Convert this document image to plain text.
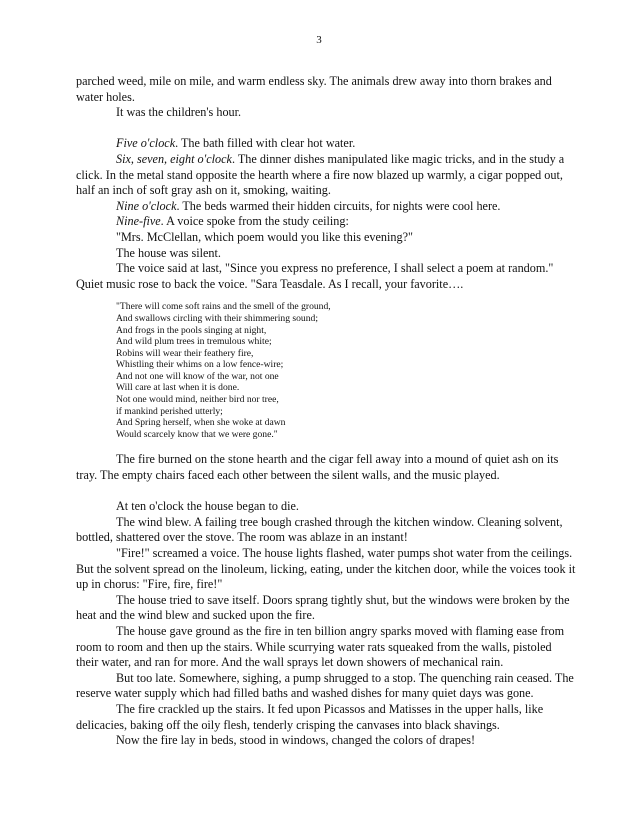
3

parched weed, mile on mile, and warm endless sky. The animals drew away into thorn brakes and water holes.

It was the children's hour.

Five o'clock. The bath filled with clear hot water.

Six, seven, eight o'clock. The dinner dishes manipulated like magic tricks, and in the study a click. In the metal stand opposite the hearth where a fire now blazed up warmly, a cigar popped out, half an inch of soft gray ash on it, smoking, waiting.

Nine o'clock. The beds warmed their hidden circuits, for nights were cool here.

Nine-five. A voice spoke from the study ceiling:

"Mrs. McClellan, which poem would you like this evening?"

The house was silent.

The voice said at last, "Since you express no preference, I shall select a poem at random." Quiet music rose to back the voice. "Sara Teasdale. As I recall, your favorite….

"There will come soft rains and the smell of the ground,
And swallows circling with their shimmering sound;
And frogs in the pools singing at night,
And wild plum trees in tremulous white;
Robins will wear their feathery fire,
Whistling their whims on a low fence-wire;
And not one will know of the war, not one
Will care at last when it is done.
Not one would mind, neither bird nor tree,
if mankind perished utterly;
And Spring herself, when she woke at dawn
Would scarcely know that we were gone."

The fire burned on the stone hearth and the cigar fell away into a mound of quiet ash on its tray. The empty chairs faced each other between the silent walls, and the music played.

At ten o'clock the house began to die.

The wind blew. A failing tree bough crashed through the kitchen window. Cleaning solvent, bottled, shattered over the stove. The room was ablaze in an instant!

"Fire!" screamed a voice. The house lights flashed, water pumps shot water from the ceilings. But the solvent spread on the linoleum, licking, eating, under the kitchen door, while the voices took it up in chorus: "Fire, fire, fire!"

The house tried to save itself. Doors sprang tightly shut, but the windows were broken by the heat and the wind blew and sucked upon the fire.

The house gave ground as the fire in ten billion angry sparks moved with flaming ease from room to room and then up the stairs. While scurrying water rats squeaked from the walls, pistoled their water, and ran for more. And the wall sprays let down showers of mechanical rain.

But too late. Somewhere, sighing, a pump shrugged to a stop. The quenching rain ceased. The reserve water supply which had filled baths and washed dishes for many quiet days was gone.

The fire crackled up the stairs. It fed upon Picassos and Matisses in the upper halls, like delicacies, baking off the oily flesh, tenderly crisping the canvases into black shavings.

Now the fire lay in beds, stood in windows, changed the colors of drapes!
